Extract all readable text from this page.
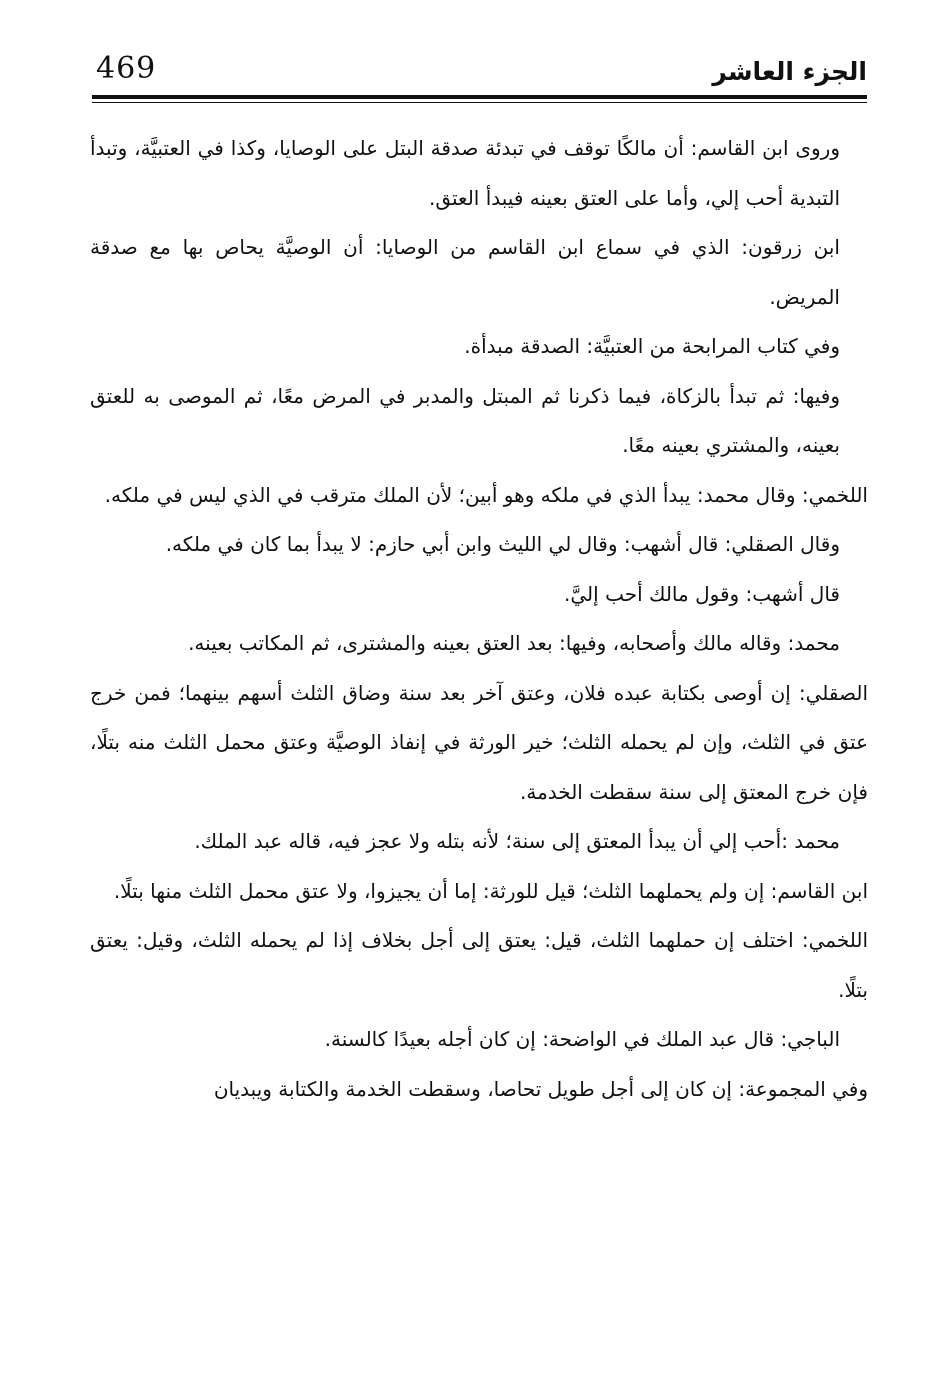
469	الجزء العاشر

وروى ابن القاسم: أن مالكًا توقف في تبدئة صدقة البتل على الوصايا، وكذا في العتبيَّة، وتبدأ التبدية أحب إلي، وأما على العتق بعينه فيبدأ العتق.

ابن زرقون: الذي في سماع ابن القاسم من الوصايا: أن الوصيَّة يحاص بها مع صدقة المريض.

وفي كتاب المرابحة من العتبيَّة: الصدقة مبدأة.

وفيها: ثم تبدأ بالزكاة، فيما ذكرنا ثم المبتل والمدبر في المرض معًا، ثم الموصى به للعتق بعينه، والمشتري بعينه معًا.

اللخمي: وقال محمد: يبدأ الذي في ملكه وهو أبين؛ لأن الملك مترقب في الذي ليس في ملكه.

وقال الصقلي: قال أشهب: وقال لي الليث وابن أبي حازم: لا يبدأ بما كان في ملكه.

قال أشهب: وقول مالك أحب إليَّ.

محمد: وقاله مالك وأصحابه، وفيها: بعد العتق بعينه والمشترى، ثم المكاتب بعينه.

الصقلي: إن أوصى بكتابة عبده فلان، وعتق آخر بعد سنة وضاق الثلث أسهم بينهما؛ فمن خرج عتق في الثلث، وإن لم يحمله الثلث؛ خير الورثة في إنفاذ الوصيَّة وعتق محمل الثلث منه بتلًا، فإن خرج المعتق إلى سنة سقطت الخدمة.

محمد :أحب إلي أن يبدأ المعتق إلى سنة؛ لأنه بتله ولا عجز فيه، قاله عبد الملك.

ابن القاسم: إن ولم يحملهما الثلث؛ قيل للورثة: إما أن يجيزوا، ولا عتق محمل الثلث منها بتلًا.

اللخمي: اختلف إن حملهما الثلث، قيل: يعتق إلى أجل بخلاف إذا لم يحمله الثلث، وقيل: يعتق بتلًا.

الباجي: قال عبد الملك في الواضحة: إن كان أجله بعيدًا كالسنة.

وفي المجموعة: إن كان إلى أجل طويل تحاصا، وسقطت الخدمة والكتابة ويبديان
